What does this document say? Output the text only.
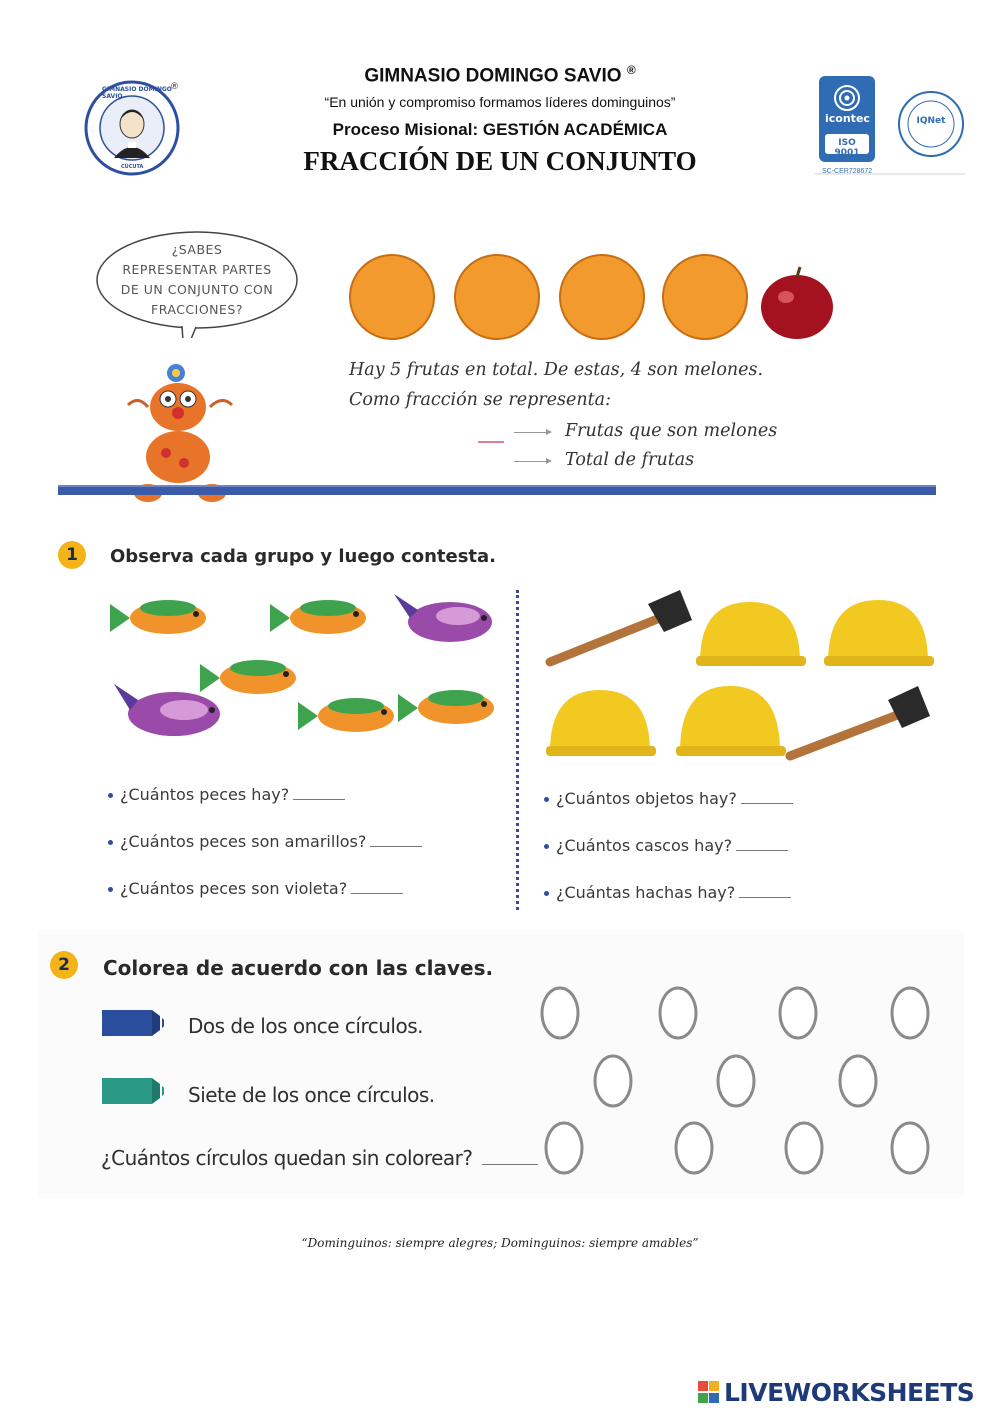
GIMNASIO DOMINGO SAVIO
CÚCUTA
®
GIMNASIO DOMINGO SAVIO ®
“En unión y compromiso formamos líderes dominguinos”
Proceso Misional: GESTIÓN ACADÉMICA
FRACCIÓN DE UN CONJUNTO
icontec
ISO 9001
IQNet
SC-CER728672
¿SABES
REPRESENTAR PARTES
DE UN CONJUNTO CON
FRACCIONES?
Hay 5 frutas en total. De estas, 4 son melones.
Como fracción se representa:
Frutas que son melones
Total de frutas
1	Observa cada grupo y luego contesta.
¿Cuántos peces hay?
¿Cuántos peces son amarillos?
¿Cuántos peces son violeta?
¿Cuántos objetos hay?
¿Cuántos cascos hay?
¿Cuántas hachas hay?
2	Colorea de acuerdo con las claves.
Dos de los once círculos.
Siete de los once círculos.
¿Cuántos círculos quedan sin colorear?
“Dominguinos: siempre alegres; Dominguinos: siempre amables”
LIVEWORKSHEETS
